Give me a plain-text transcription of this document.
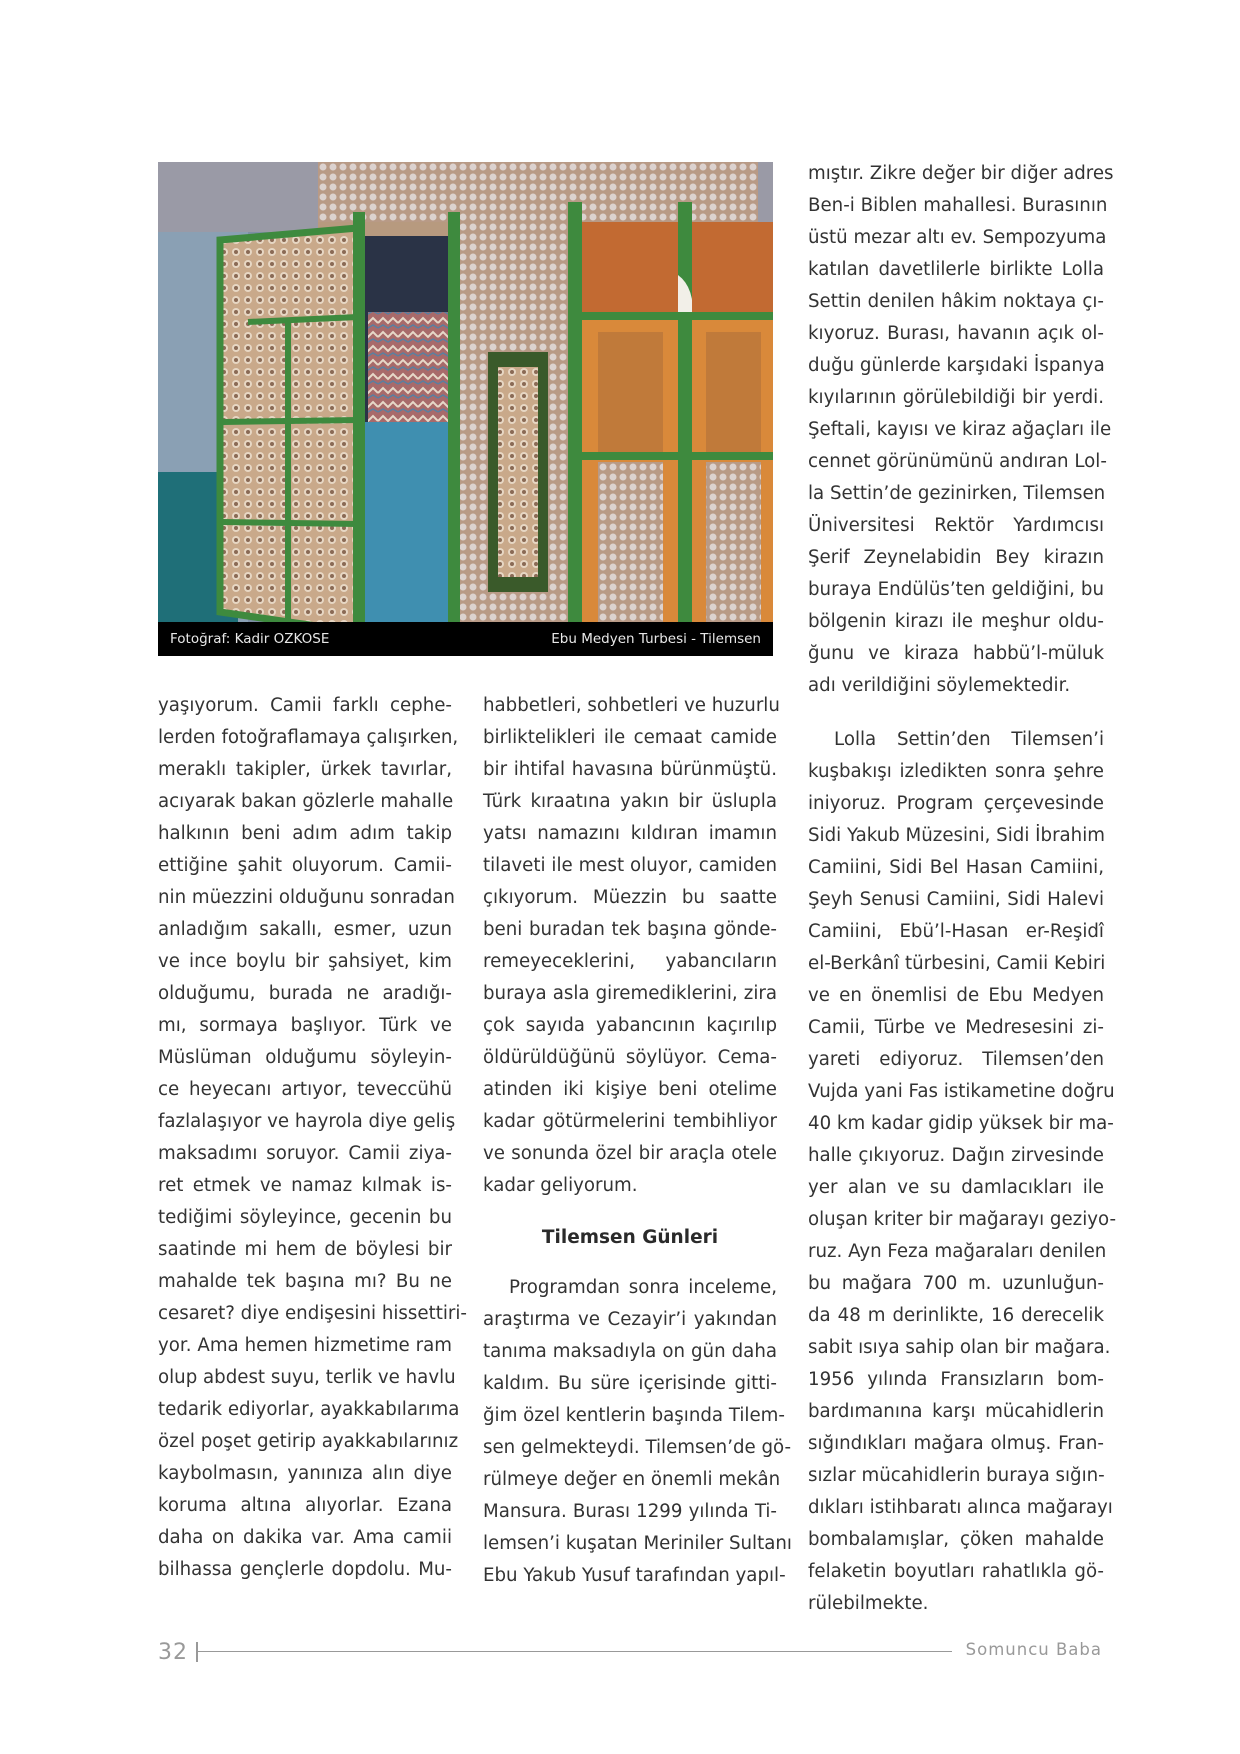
Fotoğraf: Kadir OZKOSE	Ebu Medyen Turbesi - Tilemsen
yaşıyorum. Camii farklı cephe-
lerden fotoğraflamaya çalışırken,
meraklı takipler, ürkek tavırlar,
acıyarak bakan gözlerle mahalle
halkının beni adım adım takip
ettiğine şahit oluyorum. Camii-
nin müezzini olduğunu sonradan
anladığım sakallı, esmer, uzun
ve ince boylu bir şahsiyet, kim
olduğumu, burada ne aradığı-
mı, sormaya başlıyor. Türk ve
Müslüman olduğumu söyleyin-
ce heyecanı artıyor, teveccühü
fazlalaşıyor ve hayrola diye geliş
maksadımı soruyor. Camii ziya-
ret etmek ve namaz kılmak is-
tediğimi söyleyince, gecenin bu
saatinde mi hem de böylesi bir
mahalde tek başına mı? Bu ne
cesaret? diye endişesini hissettiri-
yor. Ama hemen hizmetime ram
olup abdest suyu, terlik ve havlu
tedarik ediyorlar, ayakkabılarıma
özel poşet getirip ayakkabılarınız
kaybolmasın, yanınıza alın diye
koruma altına alıyorlar. Ezana
daha on dakika var. Ama camii
bilhassa gençlerle dopdolu. Mu-
habbetleri, sohbetleri ve huzurlu
birliktelikleri ile cemaat camide
bir ihtifal havasına bürünmüştü.
Türk kıraatına yakın bir üslupla
yatsı namazını kıldıran imamın
tilaveti ile mest oluyor, camiden
çıkıyorum. Müezzin bu saatte
beni buradan tek başına gönde-
remeyeceklerini, yabancıların
buraya asla giremediklerini, zira
çok sayıda yabancının kaçırılıp
öldürüldüğünü söylüyor. Cema-
atinden iki kişiye beni otelime
kadar götürmelerini tembihliyor
ve sonunda özel bir araçla otele
kadar geliyorum.
Tilemsen Günleri
Programdan sonra inceleme,
araştırma ve Cezayir’i yakından
tanıma maksadıyla on gün daha
kaldım. Bu süre içerisinde gitti-
ğim özel kentlerin başında Tilem-
sen gelmekteydi. Tilemsen’de gö-
rülmeye değer en önemli mekân
Mansura. Burası 1299 yılında Ti-
lemsen’i kuşatan Meriniler Sultanı
Ebu Yakub Yusuf tarafından yapıl-
mıştır. Zikre değer bir diğer adres
Ben-i Biblen mahallesi. Burasının
üstü mezar altı ev. Sempozyuma
katılan davetlilerle birlikte Lolla
Settin denilen hâkim noktaya çı-
kıyoruz. Burası, havanın açık ol-
duğu günlerde karşıdaki İspanya
kıyılarının görülebildiği bir yerdi.
Şeftali, kayısı ve kiraz ağaçları ile
cennet görünümünü andıran Lol-
la Settin’de gezinirken, Tilemsen
Üniversitesi Rektör Yardımcısı
Şerif Zeynelabidin Bey kirazın
buraya Endülüs’ten geldiğini, bu
bölgenin kirazı ile meşhur oldu-
ğunu ve kiraza habbü’l-müluk
adı verildiğini söylemektedir.
Lolla Settin’den Tilemsen’i
kuşbakışı izledikten sonra şehre
iniyoruz. Program çerçevesinde
Sidi Yakub Müzesini, Sidi İbrahim
Camiini, Sidi Bel Hasan Camiini,
Şeyh Senusi Camiini, Sidi Halevi
Camiini, Ebü’l-Hasan er-Reşidî
el-Berkânî türbesini, Camii Kebiri
ve en önemlisi de Ebu Medyen
Camii, Türbe ve Medresesini zi-
yareti ediyoruz. Tilemsen’den
Vujda yani Fas istikametine doğru
40 km kadar gidip yüksek bir ma-
halle çıkıyoruz. Dağın zirvesinde
yer alan ve su damlacıkları ile
oluşan kriter bir mağarayı geziyo-
ruz. Ayn Feza mağaraları denilen
bu mağara 700 m. uzunluğun-
da 48 m derinlikte, 16 derecelik
sabit ısıya sahip olan bir mağara.
1956 yılında Fransızların bom-
bardımanına karşı mücahidlerin
sığındıkları mağara olmuş. Fran-
sızlar mücahidlerin buraya sığın-
dıkları istihbaratı alınca mağarayı
bombalamışlar, çöken mahalde
felaketin boyutları rahatlıkla gö-
rülebilmekte.
32	Somuncu Baba
